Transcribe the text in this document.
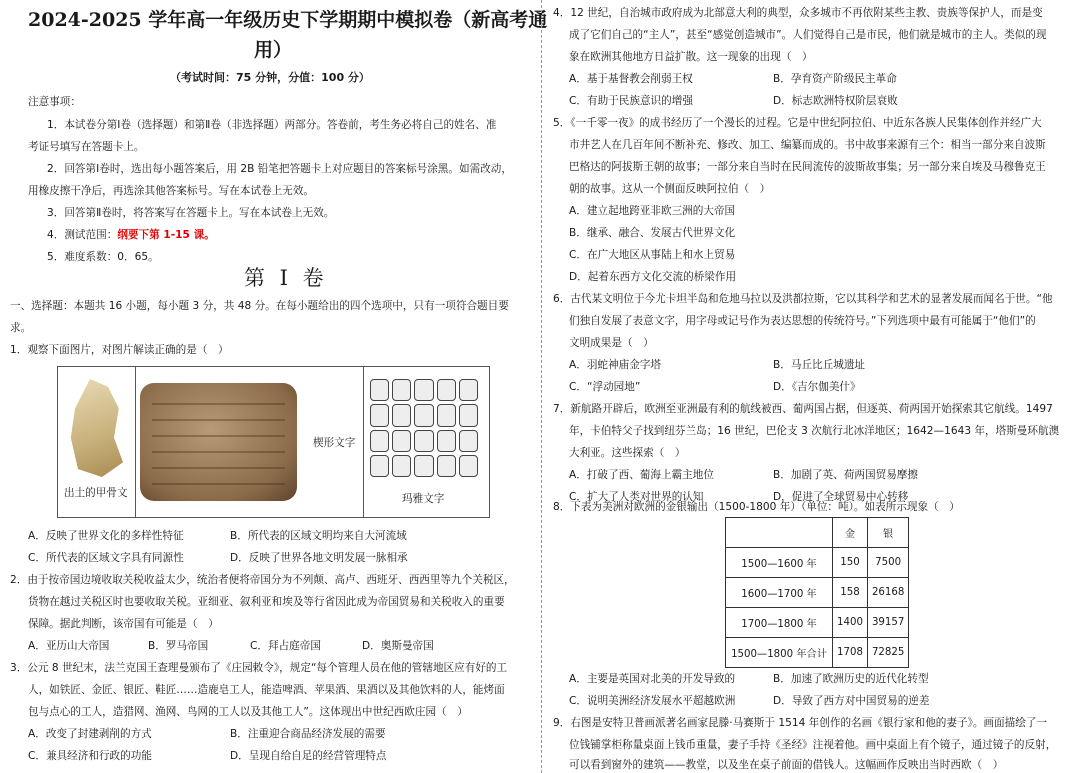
2024-2025 学年高一年级历史下学期期中模拟卷（新高考通
用）
（考试时间：75 分钟，分值：100 分）
注意事项：
1．本试卷分第Ⅰ卷（选择题）和第Ⅱ卷（非选择题）两部分。答卷前，考生务必将自己的姓名、准
考证号填写在答题卡上。
2．回答第Ⅰ卷时，选出每小题答案后，用 2B 铅笔把答题卡上对应题目的答案标号涂黑。如需改动，
用橡皮擦干净后，再选涂其他答案标号。写在本试卷上无效。
3．回答第Ⅱ卷时，将答案写在答题卡上。写在本试卷上无效。
4．测试范围：纲要下第 1-15 课。
5．难度系数：0．65。
第 Ⅰ 卷
一、选择题：本题共 16 小题，每小题 3 分，共 48 分。在每小题给出的四个选项中，只有一项符合题目要
求。
1．观察下面图片，对图片解读正确的是（　）
出土的甲骨文
楔形文字
玛雅文字
A．反映了世界文化的多样性特征	B．所代表的区域文明均来自大河流域
C．所代表的区域文字具有同源性	D．反映了世界各地文明发展一脉相承
2．由于按帝国边境收取关税收益太少，统治者便将帝国分为不列颠、高卢、西班牙、西西里等九个关税区，
货物在越过关税区时也要收取关税。亚细亚、叙利亚和埃及等行省因此成为帝国贸易和关税收入的重要
保障。据此判断，该帝国有可能是（　）
A．亚历山大帝国	B．罗马帝国	C．拜占庭帝国	D．奥斯曼帝国
3．公元 8 世纪末，法兰克国王查理曼颁布了《庄园敕令》，规定“每个管理人员在他的管辖地区应有好的工
人，如铁匠、金匠、银匠、鞋匠……造鹿皂工人，能造啤酒、苹果酒、果酒以及其他饮料的人，能烤面
包与点心的工人，造猎网、渔网、鸟网的工人以及其他工人”。这体现出中世纪西欧庄园（　）
A．改变了封建剥削的方式	B．注重迎合商品经济发展的需要
C．兼具经济和行政的功能	D．呈现自给自足的经营管理特点
4．12 世纪，自治城市政府成为北部意大利的典型，众多城市不再依附某些主教、贵族等保护人，而是变
成了它们自己的“主人”，甚至“感觉创造城市”。人们觉得自己是市民，他们就是城市的主人。类似的现
象在欧洲其他地方日益扩散。这一现象的出现（　）
A．基于基督教会削弱王权	B．孕育资产阶级民主革命
C．有助于民族意识的增强	D．标志欧洲特权阶层衰败
5．《一千零一夜》的成书经历了一个漫长的过程。它是中世纪阿拉伯、中近东各族人民集体创作并经广大
市井艺人在几百年间不断补充、修改、加工、编纂而成的。书中故事来源有三个：相当一部分来自波斯
巴格达的阿拔斯王朝的故事；一部分来自当时在民间流传的波斯故事集；另一部分来自埃及马穆鲁克王
朝的故事。这从一个侧面反映阿拉伯（　）
A．建立起地跨亚非欧三洲的大帝国
B．继承、融合、发展古代世界文化
C．在广大地区从事陆上和水上贸易
D．起着东西方文化交流的桥梁作用
6．古代某文明位于今尤卡坦半岛和危地马拉以及洪都拉斯，它以其科学和艺术的显著发展而闻名于世。“他
们独自发展了表意文字，用字母或记号作为表达思想的传统符号。”下列选项中最有可能属于“他们”的
文明成果是（　）
A．羽蛇神庙金字塔	B．马丘比丘城遗址
C．“浮动园地”	D．《吉尔伽美什》
7．新航路开辟后，欧洲至亚洲最有利的航线被西、葡两国占据，但逐英、荷两国开始探索其它航线。1497
年，卡伯特父子找到纽芬兰岛；16 世纪，巴伦支 3 次航行北冰洋地区；1642—1643 年，塔斯曼环航澳
大利亚。这些探索（　）
A．打破了西、葡海上霸主地位	B．加剧了英、荷两国贸易摩擦
C．扩大了人类对世界的认知	D．促进了全球贸易中心转移
8．下表为美洲对欧洲的金银输出（1500-1800 年）（单位：吨）。如表所示现象（　）
	金	银
1500—1600 年	150	7500
1600—1700 年	158	26168
1700—1800 年	1400	39157
1500—1800 年合计	1708	72825
A．主要是英国对北美的开发导致的	B．加速了欧洲历史的近代化转型
C．说明美洲经济发展水平超越欧洲	D．导致了西方对中国贸易的逆差
9．右图是安特卫普画派著名画家昆滕·马赛斯于 1514 年创作的名画《银行家和他的妻子》。画面描绘了一
位钱铺掌柜称量桌面上钱币重量，妻子手持《圣经》注视着他。画中桌面上有个镜子，通过镜子的反射，
可以看到窗外的建筑——教堂，以及坐在桌子前面的借钱人。这幅画作反映出当时西欧（　）
